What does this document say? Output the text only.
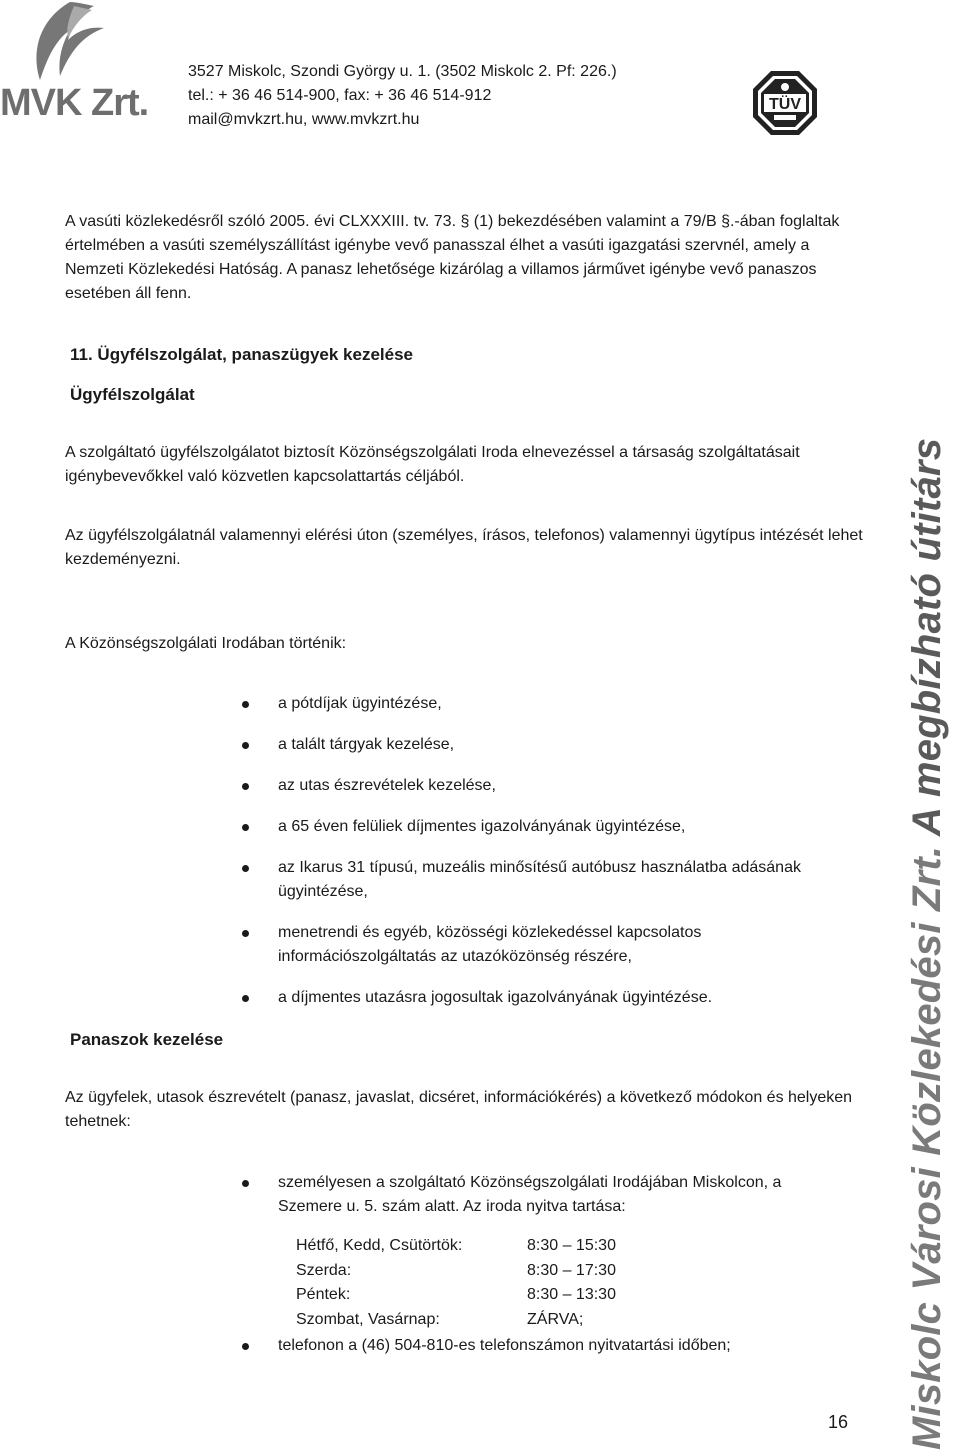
MVK Zrt.
3527 Miskolc, Szondi György u. 1. (3502 Miskolc 2. Pf: 226.)
tel.: + 36 46 514-900, fax: + 36 46 514-912
mail@mvkzrt.hu, www.mvkzrt.hu
TÜV
A vasúti közlekedésről szóló 2005. évi CLXXXIII. tv. 73. § (1) bekezdésében valamint a 79/B §.-ában foglaltak értelmében a vasúti személyszállítást igénybe vevő panasszal élhet a vasúti igazgatási szervnél, amely a Nemzeti Közlekedési Hatóság. A panasz lehetősége kizárólag a villamos járművet igénybe vevő panaszos esetében áll fenn.
11. Ügyfélszolgálat, panaszügyek kezelése
Ügyfélszolgálat
A szolgáltató ügyfélszolgálatot biztosít Közönségszolgálati Iroda elnevezéssel a társaság szolgáltatásait igénybevevőkkel való közvetlen kapcsolattartás céljából.
Az ügyfélszolgálatnál valamennyi elérési úton (személyes, írásos, telefonos) valamennyi ügytípus intézését lehet kezdeményezni.
A Közönségszolgálati Irodában történik:
a pótdíjak ügyintézése,
a talált tárgyak kezelése,
az utas észrevételek kezelése,
a 65 éven felüliek díjmentes igazolványának ügyintézése,
az Ikarus 31 típusú, muzeális minősítésű autóbusz használatba adásának ügyintézése,
menetrendi és egyéb, közösségi közlekedéssel kapcsolatos információszolgáltatás az utazóközönség részére,
a díjmentes utazásra jogosultak igazolványának ügyintézése.
Panaszok kezelése
Az ügyfelek, utasok észrevételt (panasz, javaslat, dicséret, információkérés) a következő módokon és helyeken tehetnek:
személyesen a szolgáltató Közönségszolgálati Irodájában Miskolcon, a Szemere u. 5. szám alatt. Az iroda nyitva tartása:
Hétfő, Kedd, Csütörtök:	8:30 – 15:30
Szerda:	8:30 – 17:30
Péntek:	8:30 – 13:30
Szombat, Vasárnap:	ZÁRVA;
telefonon a (46) 504-810-es telefonszámon nyitvatartási időben;	Miskolc Városi Közlekedési Zrt. A megbízható útitárs
16
